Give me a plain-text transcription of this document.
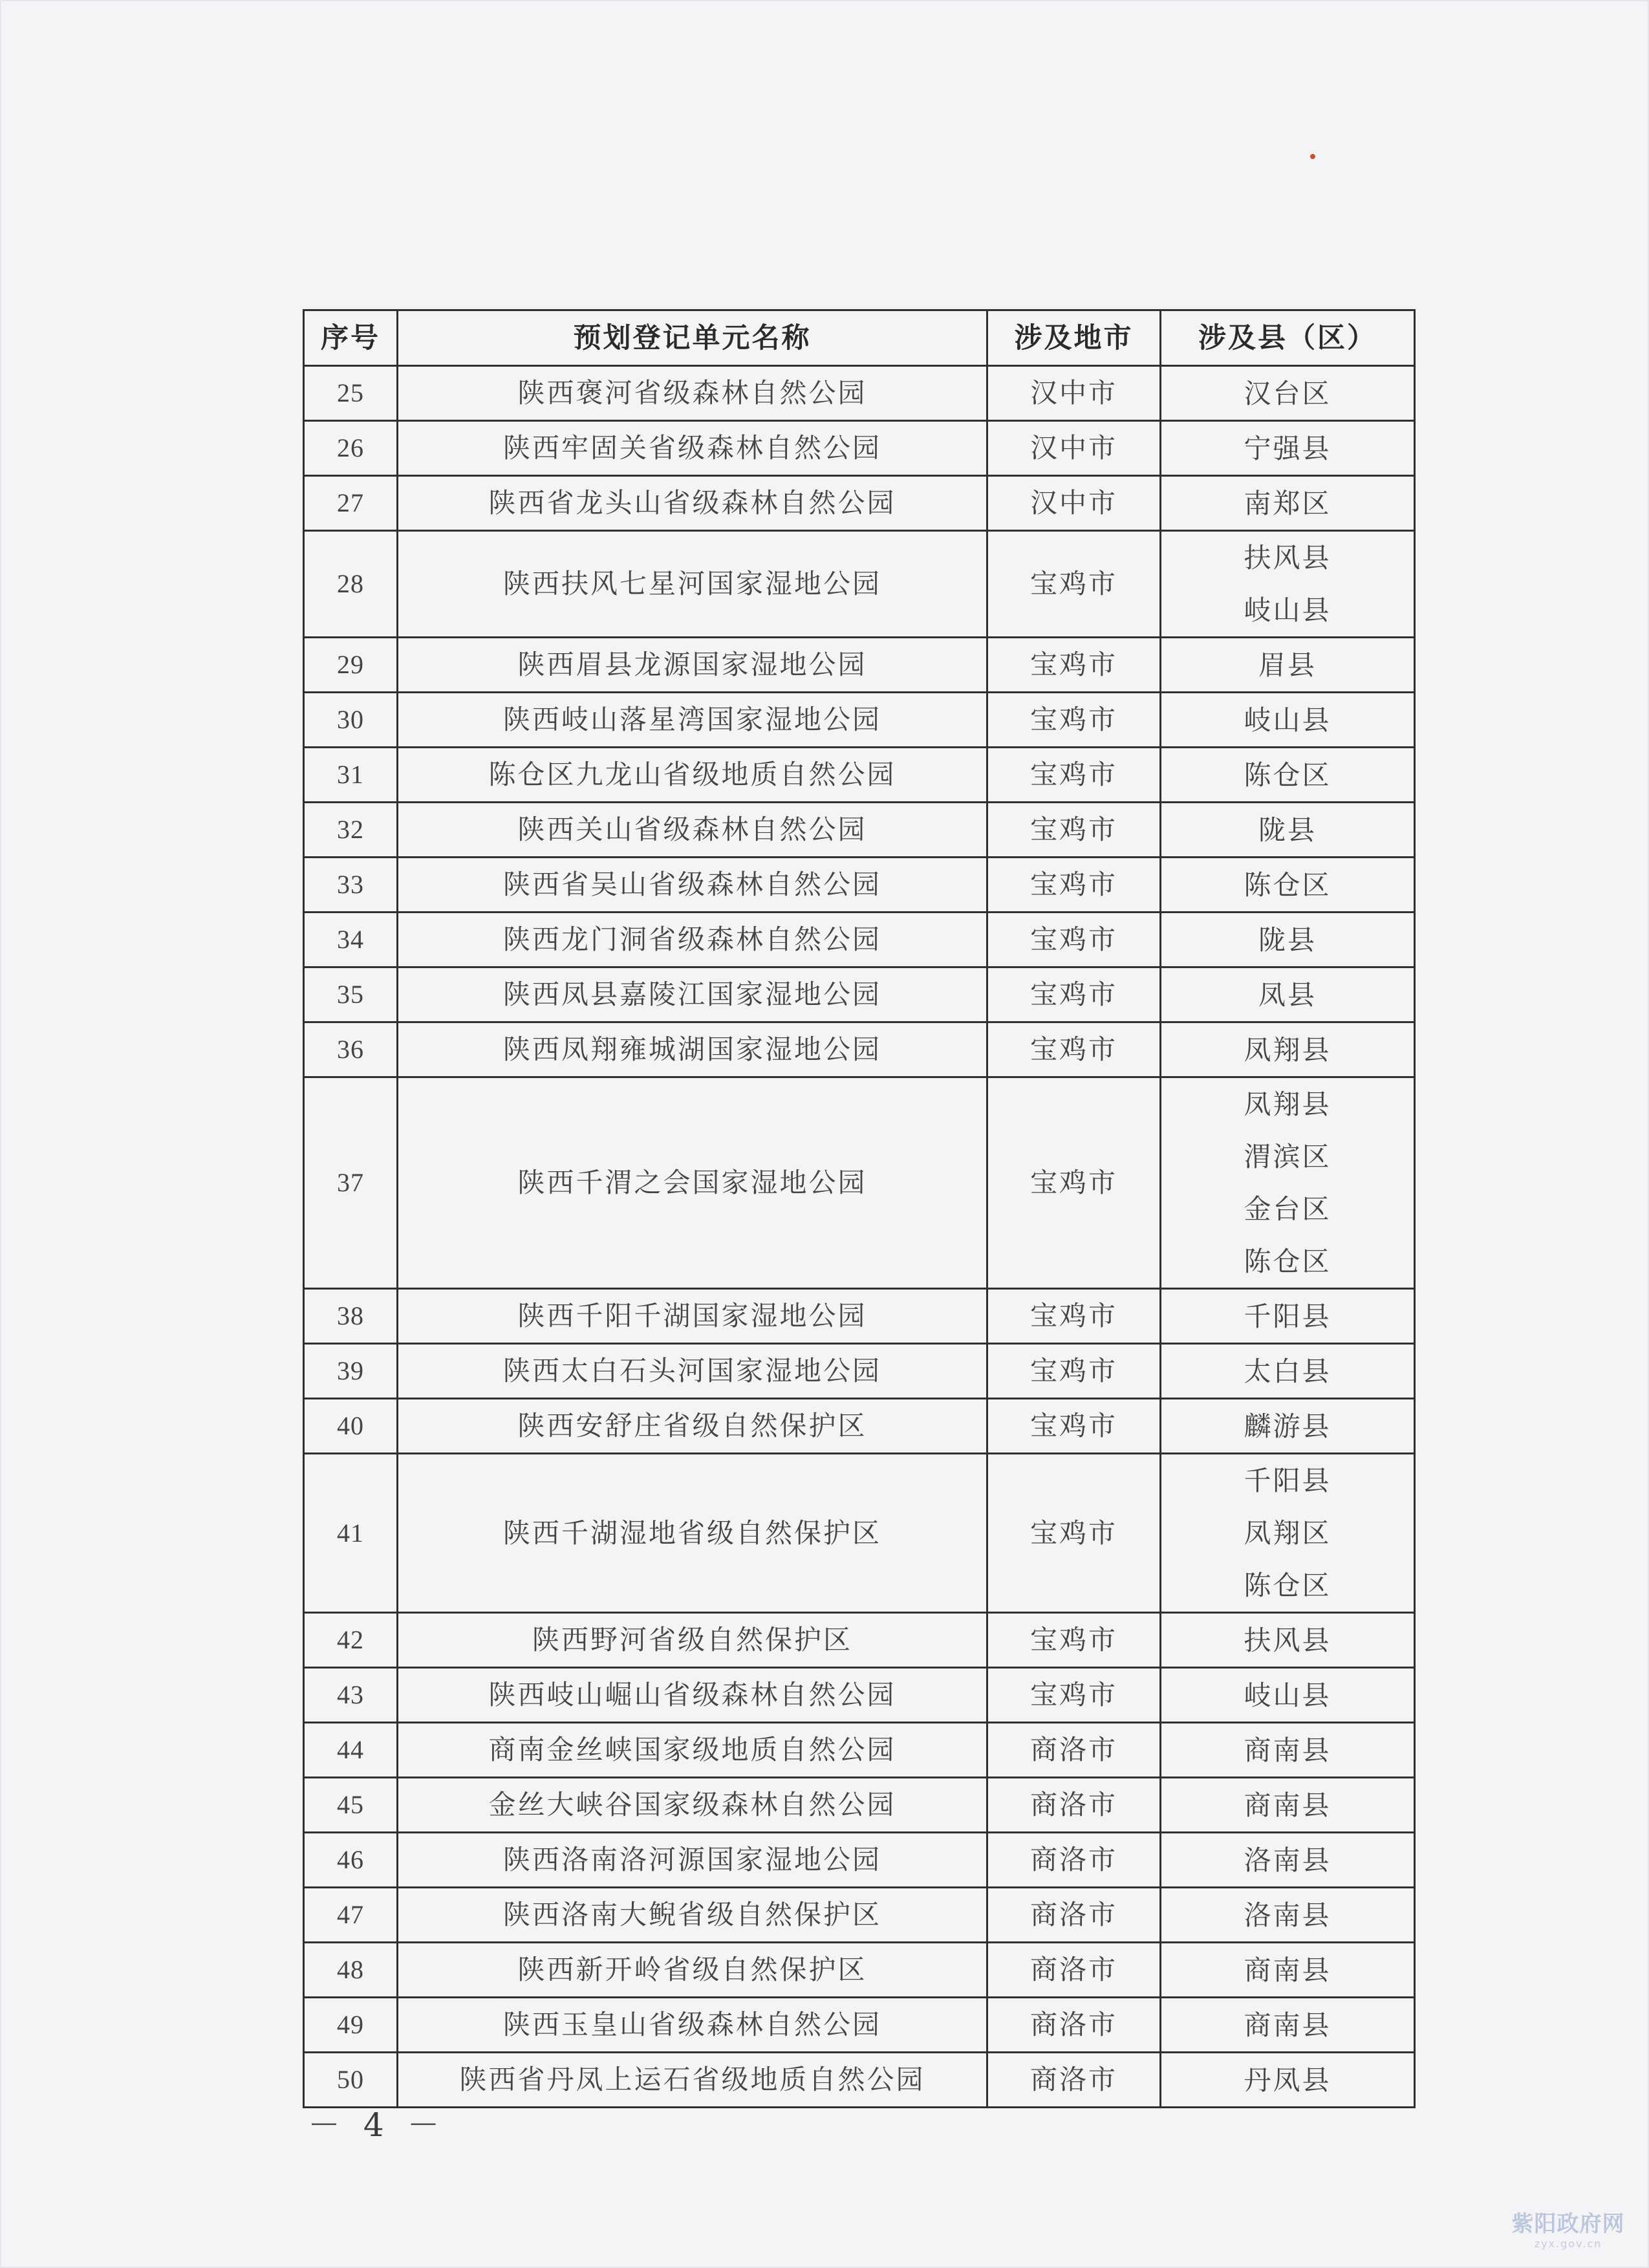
序号	预划登记单元名称	涉及地市	涉及县（区）
25	陕西褒河省级森林自然公园	汉中市	汉台区

26	陕西牢固关省级森林自然公园	汉中市	宁强县

27	陕西省龙头山省级森林自然公园	汉中市	南郑区

28	陕西扶风七星河国家湿地公园	宝鸡市	扶风县
岐山县

29	陕西眉县龙源国家湿地公园	宝鸡市	眉县

30	陕西岐山落星湾国家湿地公园	宝鸡市	岐山县

31	陈仓区九龙山省级地质自然公园	宝鸡市	陈仓区

32	陕西关山省级森林自然公园	宝鸡市	陇县

33	陕西省吴山省级森林自然公园	宝鸡市	陈仓区

34	陕西龙门洞省级森林自然公园	宝鸡市	陇县

35	陕西凤县嘉陵江国家湿地公园	宝鸡市	凤县

36	陕西凤翔雍城湖国家湿地公园	宝鸡市	凤翔县

37	陕西千渭之会国家湿地公园	宝鸡市	凤翔县
渭滨区
金台区
陈仓区

38	陕西千阳千湖国家湿地公园	宝鸡市	千阳县

39	陕西太白石头河国家湿地公园	宝鸡市	太白县

40	陕西安舒庄省级自然保护区	宝鸡市	麟游县

41	陕西千湖湿地省级自然保护区	宝鸡市	千阳县
凤翔区
陈仓区

42	陕西野河省级自然保护区	宝鸡市	扶风县

43	陕西岐山崛山省级森林自然公园	宝鸡市	岐山县

44	商南金丝峡国家级地质自然公园	商洛市	商南县

45	金丝大峡谷国家级森林自然公园	商洛市	商南县

46	陕西洛南洛河源国家湿地公园	商洛市	洛南县

47	陕西洛南大鲵省级自然保护区	商洛市	洛南县

48	陕西新开岭省级自然保护区	商洛市	商南县

49	陕西玉皇山省级森林自然公园	商洛市	商南县

50	陕西省丹凤上运石省级地质自然公园	商洛市	丹凤县
－ 4 －
紫阳政府网
zyx.gov.cn
